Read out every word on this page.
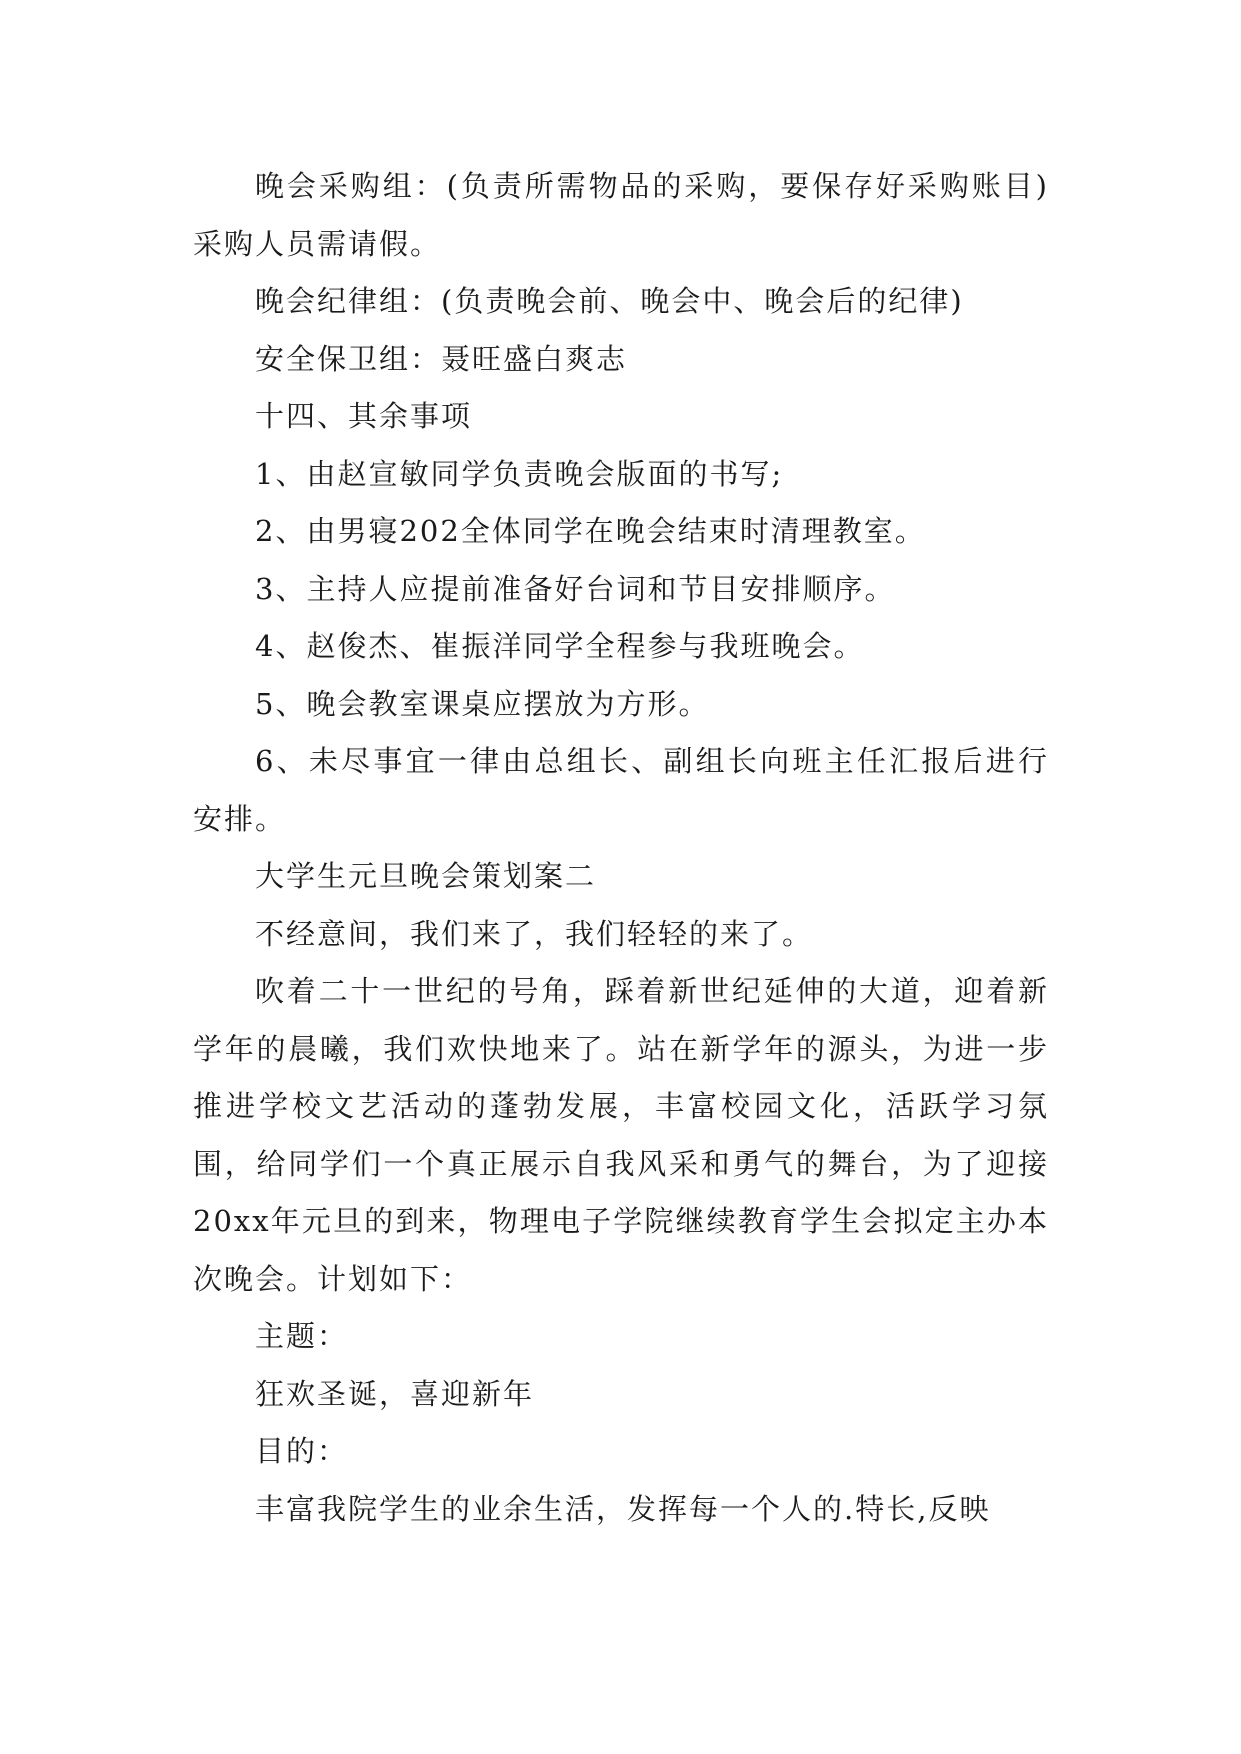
晚会采购组：(负责所需物品的采购，要保存好采购账目)采购人员需请假。

晚会纪律组：(负责晚会前、晚会中、晚会后的纪律)

安全保卫组：聂旺盛白爽志

十四、其余事项

1、由赵宣敏同学负责晚会版面的书写;

2、由男寝202全体同学在晚会结束时清理教室。

3、主持人应提前准备好台词和节目安排顺序。

4、赵俊杰、崔振洋同学全程参与我班晚会。

5、晚会教室课桌应摆放为方形。

6、未尽事宜一律由总组长、副组长向班主任汇报后进行安排。

大学生元旦晚会策划案二

不经意间，我们来了，我们轻轻的来了。

吹着二十一世纪的号角，踩着新世纪延伸的大道，迎着新学年的晨曦，我们欢快地来了。站在新学年的源头，为进一步推进学校文艺活动的蓬勃发展，丰富校园文化，活跃学习氛围，给同学们一个真正展示自我风采和勇气的舞台，为了迎接20xx年元旦的到来，物理电子学院继续教育学生会拟定主办本次晚会。计划如下：

主题：

狂欢圣诞，喜迎新年

目的：

丰富我院学生的业余生活，发挥每一个人的.特长,反映
